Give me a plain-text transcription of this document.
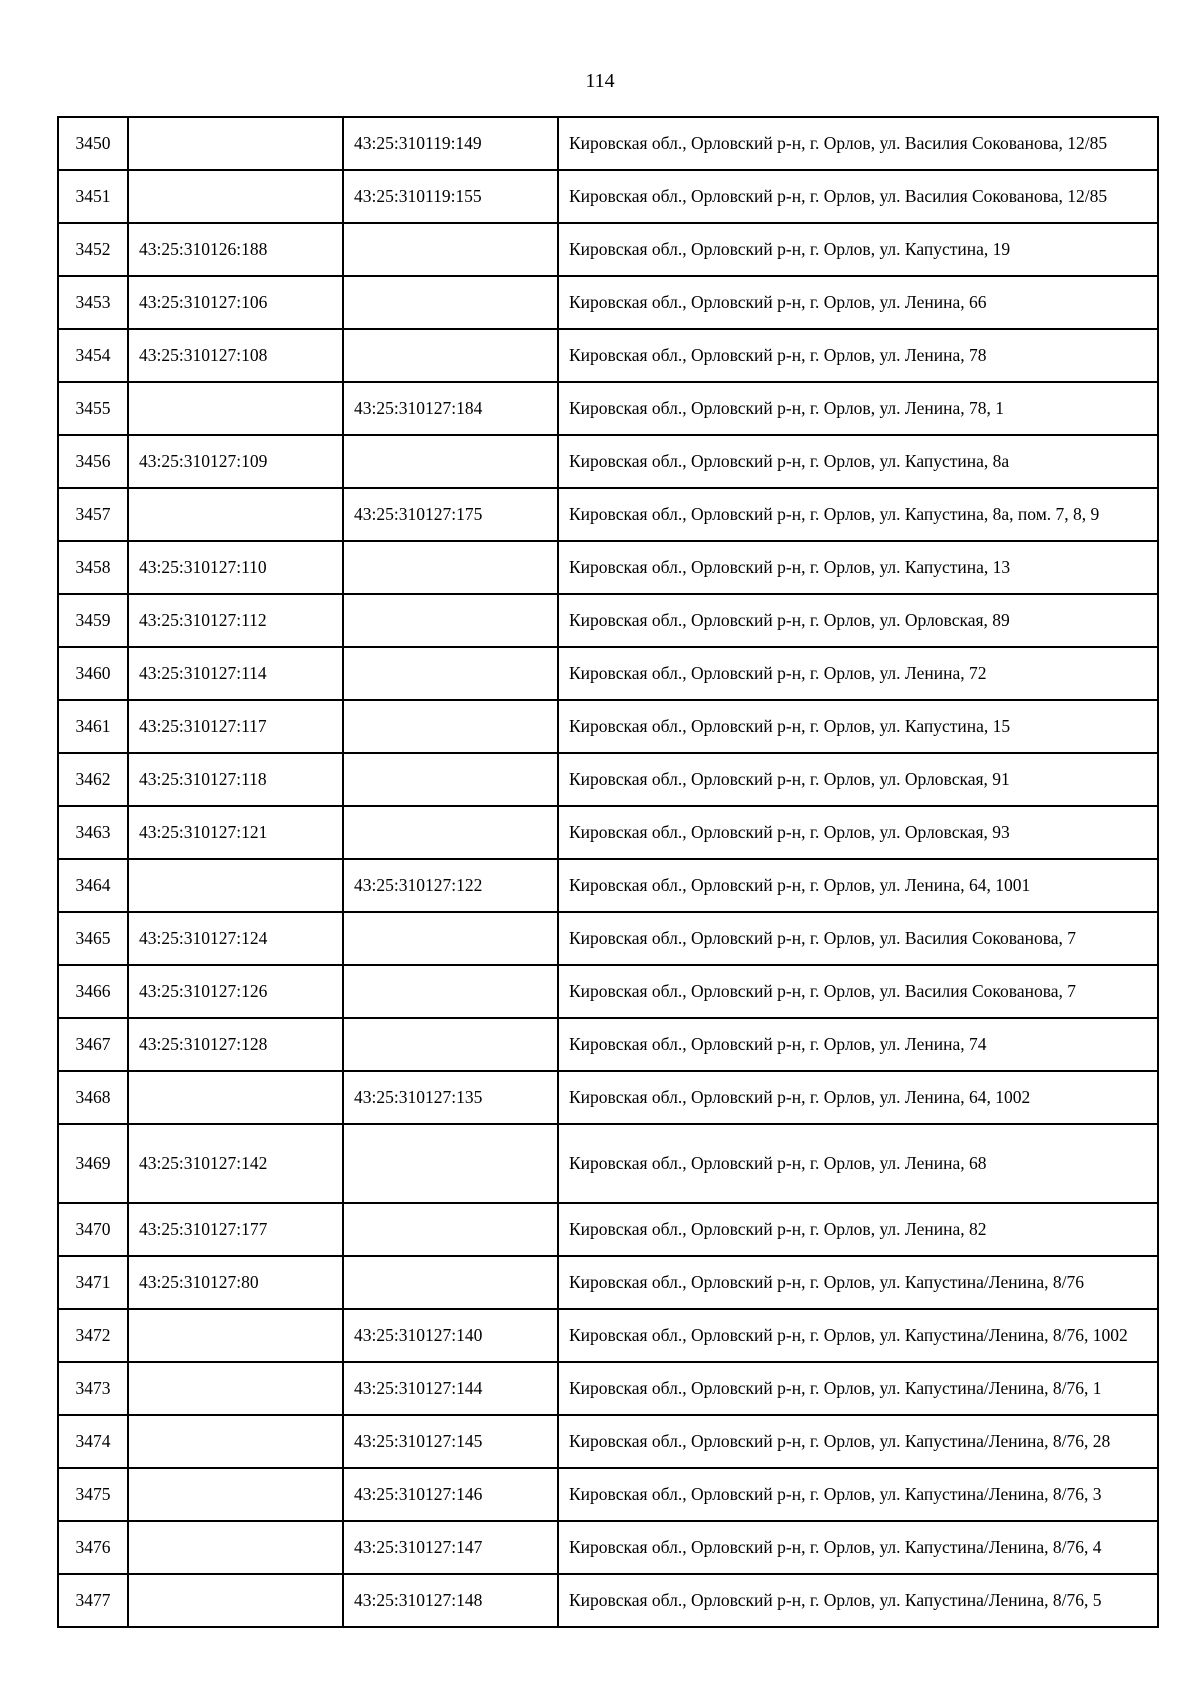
114
3450		43:25:310119:149	Кировская обл., Орловский р-н, г. Орлов, ул. Василия Сокованова, 12/85
3451		43:25:310119:155	Кировская обл., Орловский р-н, г. Орлов, ул. Василия Сокованова, 12/85
3452	43:25:310126:188		Кировская обл., Орловский р-н, г. Орлов, ул. Капустина, 19
3453	43:25:310127:106		Кировская обл., Орловский р-н, г. Орлов, ул. Ленина, 66
3454	43:25:310127:108		Кировская обл., Орловский р-н, г. Орлов, ул. Ленина, 78
3455		43:25:310127:184	Кировская обл., Орловский р-н, г. Орлов, ул. Ленина, 78, 1
3456	43:25:310127:109		Кировская обл., Орловский р-н, г. Орлов, ул. Капустина, 8а
3457		43:25:310127:175	Кировская обл., Орловский р-н, г. Орлов, ул. Капустина, 8а, пом. 7, 8, 9
3458	43:25:310127:110		Кировская обл., Орловский р-н, г. Орлов, ул. Капустина, 13
3459	43:25:310127:112		Кировская обл., Орловский р-н, г. Орлов, ул. Орловская, 89
3460	43:25:310127:114		Кировская обл., Орловский р-н, г. Орлов, ул. Ленина, 72
3461	43:25:310127:117		Кировская обл., Орловский р-н, г. Орлов, ул. Капустина, 15
3462	43:25:310127:118		Кировская обл., Орловский р-н, г. Орлов, ул. Орловская, 91
3463	43:25:310127:121		Кировская обл., Орловский р-н, г. Орлов, ул. Орловская, 93
3464		43:25:310127:122	Кировская обл., Орловский р-н, г. Орлов, ул. Ленина, 64, 1001
3465	43:25:310127:124		Кировская обл., Орловский р-н, г. Орлов, ул. Василия Сокованова, 7
3466	43:25:310127:126		Кировская обл., Орловский р-н, г. Орлов, ул. Василия Сокованова, 7
3467	43:25:310127:128		Кировская обл., Орловский р-н, г. Орлов, ул. Ленина, 74
3468		43:25:310127:135	Кировская обл., Орловский р-н, г. Орлов, ул. Ленина, 64, 1002
3469	43:25:310127:142		Кировская обл., Орловский р-н, г. Орлов, ул. Ленина, 68
3470	43:25:310127:177		Кировская обл., Орловский р-н, г. Орлов, ул. Ленина, 82
3471	43:25:310127:80		Кировская обл., Орловский р-н, г. Орлов, ул. Капустина/Ленина, 8/76
3472		43:25:310127:140	Кировская обл., Орловский р-н, г. Орлов, ул. Капустина/Ленина, 8/76, 1002
3473		43:25:310127:144	Кировская обл., Орловский р-н, г. Орлов, ул. Капустина/Ленина, 8/76, 1
3474		43:25:310127:145	Кировская обл., Орловский р-н, г. Орлов, ул. Капустина/Ленина, 8/76, 28
3475		43:25:310127:146	Кировская обл., Орловский р-н, г. Орлов, ул. Капустина/Ленина, 8/76, 3
3476		43:25:310127:147	Кировская обл., Орловский р-н, г. Орлов, ул. Капустина/Ленина, 8/76, 4
3477		43:25:310127:148	Кировская обл., Орловский р-н, г. Орлов, ул. Капустина/Ленина, 8/76, 5
